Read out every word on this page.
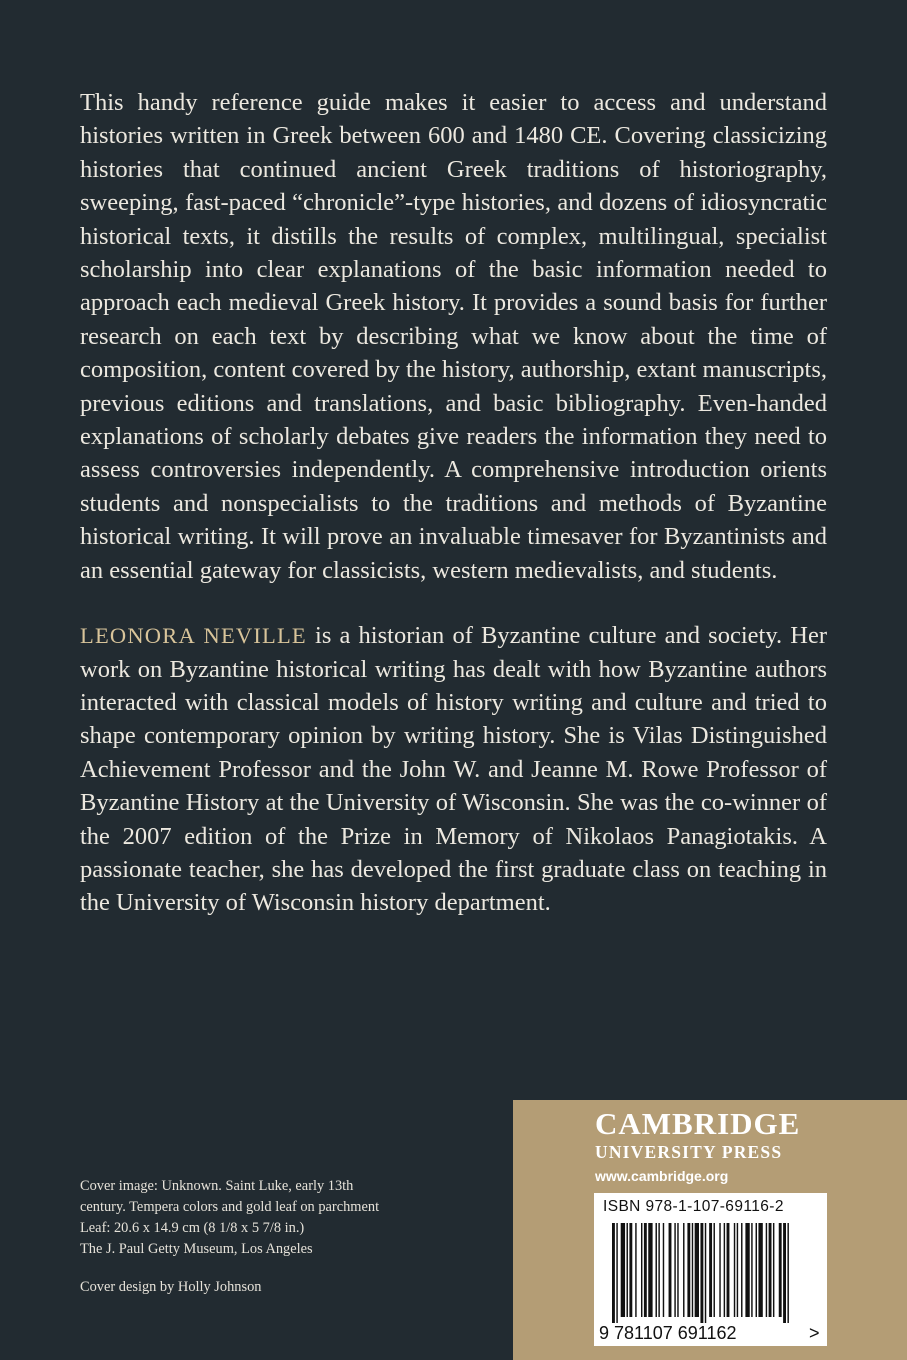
This handy reference guide makes it easier to access and understand histories written in Greek between 600 and 1480 CE. Covering classicizing histories that continued ancient Greek traditions of historiography, sweeping, fast-paced “chronicle”-type histories, and dozens of idiosyncratic historical texts, it distills the results of complex, multilingual, specialist scholarship into clear explanations of the basic information needed to approach each medieval Greek history. It provides a sound basis for further research on each text by describing what we know about the time of composition, content covered by the history, authorship, extant manuscripts, previous editions and translations, and basic bibliography. Even-handed explanations of scholarly debates give readers the information they need to assess controversies independently. A comprehensive introduction orients students and nonspecialists to the traditions and methods of Byzantine historical writing. It will prove an invaluable timesaver for Byzantinists and an essential gateway for classicists, western medievalists, and students.

LEONORA NEVILLE is a historian of Byzantine culture and society. Her work on Byzantine historical writing has dealt with how Byzantine authors interacted with classical models of history writing and culture and tried to shape contemporary opinion by writing history. She is Vilas Distinguished Achievement Professor and the John W. and Jeanne M. Rowe Professor of Byzantine History at the University of Wisconsin. She was the co-winner of the 2007 edition of the Prize in Memory of Nikolaos Panagiotakis. A passionate teacher, she has developed the first graduate class on teaching in the University of Wisconsin history department.

Cover image: Unknown. Saint Luke, early 13th
century. Tempera colors and gold leaf on parchment
Leaf: 20.6 x 14.9 cm (8 1/8 x 5 7/8 in.)
The J. Paul Getty Museum, Los Angeles
Cover design by Holly Johnson
CAMBRIDGE
UNIVERSITY PRESS
www.cambridge.org
ISBN 978-1-107-69116-2
9 781107 691162	>
